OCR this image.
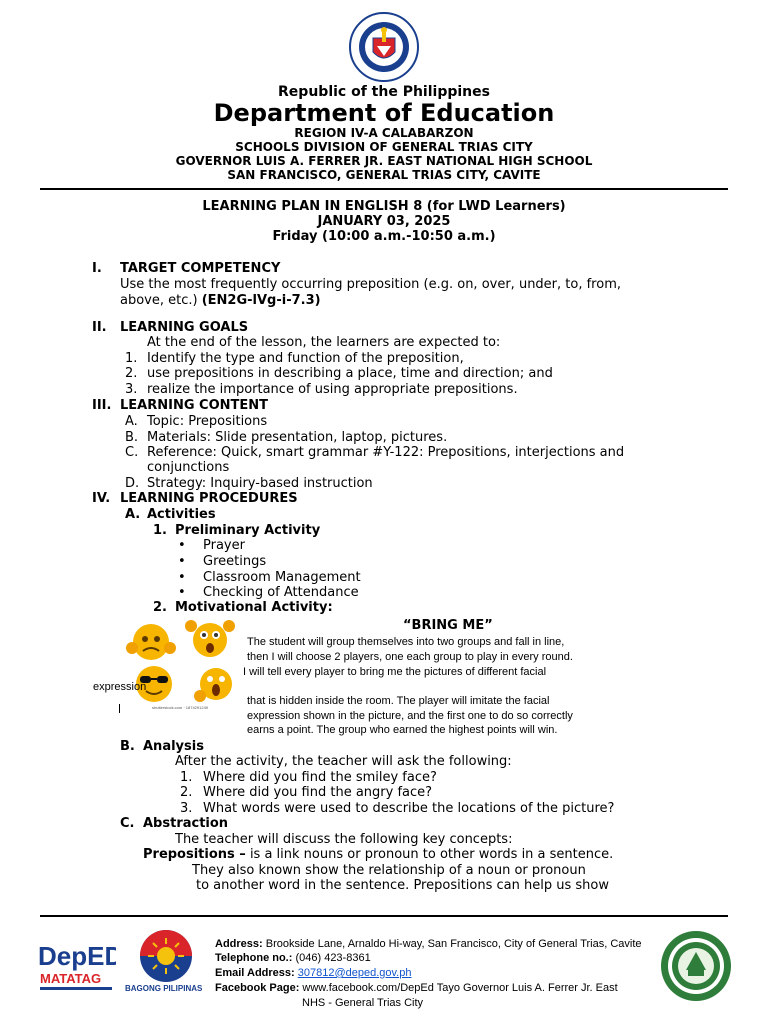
Republic of the Philippines
Department of Education
REGION IV-A CALABARZON
SCHOOLS DIVISION OF GENERAL TRIAS CITY
GOVERNOR LUIS A. FERRER JR. EAST NATIONAL HIGH SCHOOL
SAN FRANCISCO, GENERAL TRIAS CITY, CAVITE
LEARNING PLAN IN ENGLISH 8 (for LWD Learners)
JANUARY 03, 2025
Friday (10:00 a.m.-10:50 a.m.)
I. TARGET COMPETENCY
Use the most frequently occurring preposition (e.g. on, over, under, to, from,
above, etc.) (EN2G-lVg-i-7.3)
II. LEARNING GOALS
At the end of the lesson, the learners are expected to:
1. Identify the type and function of the preposition,
2. use prepositions in describing a place, time and direction; and
3. realize the importance of using appropriate prepositions.
III. LEARNING CONTENT
A. Topic: Prepositions
B. Materials: Slide presentation, laptop, pictures.
C. Reference: Quick, smart grammar #Y-122: Prepositions, interjections and
conjunctions
D. Strategy: Inquiry-based instruction
IV. LEARNING PROCEDURES
A. Activities
1. Preliminary Activity
• Prayer
• Greetings
• Classroom Management
• Checking of Attendance
2. Motivational Activity:
“BRING ME”
shutterstock.com · 1874291249
The student will group themselves into two groups and fall in line,
then I will choose 2 players, one each group to play in every round.
I will tell every player to bring me the pictures of different facial
expression
that is hidden inside the room. The player will imitate the facial
expression shown in the picture, and the first one to do so correctly
earns a point. The group who earned the highest points will win.
B. Analysis
After the activity, the teacher will ask the following:
1. Where did you find the smiley face?
2. Where did you find the angry face?
3. What words were used to describe the locations of the picture?
C. Abstraction
The teacher will discuss the following key concepts:
Prepositions – is a link nouns or pronoun to other words in a sentence.
They also known show the relationship of a noun or pronoun
to another word in the sentence. Prepositions can help us show
DepED
MATATAG
BAGONG PILIPINAS
Address: Brookside Lane, Arnaldo Hi-way, San Francisco, City of General Trias, Cavite
Telephone no.: (046) 423-8361
Email Address: 307812@deped.gov.ph
Facebook Page: www.facebook.com/DepEd Tayo Governor Luis A. Ferrer Jr. East
NHS - General Trias City
